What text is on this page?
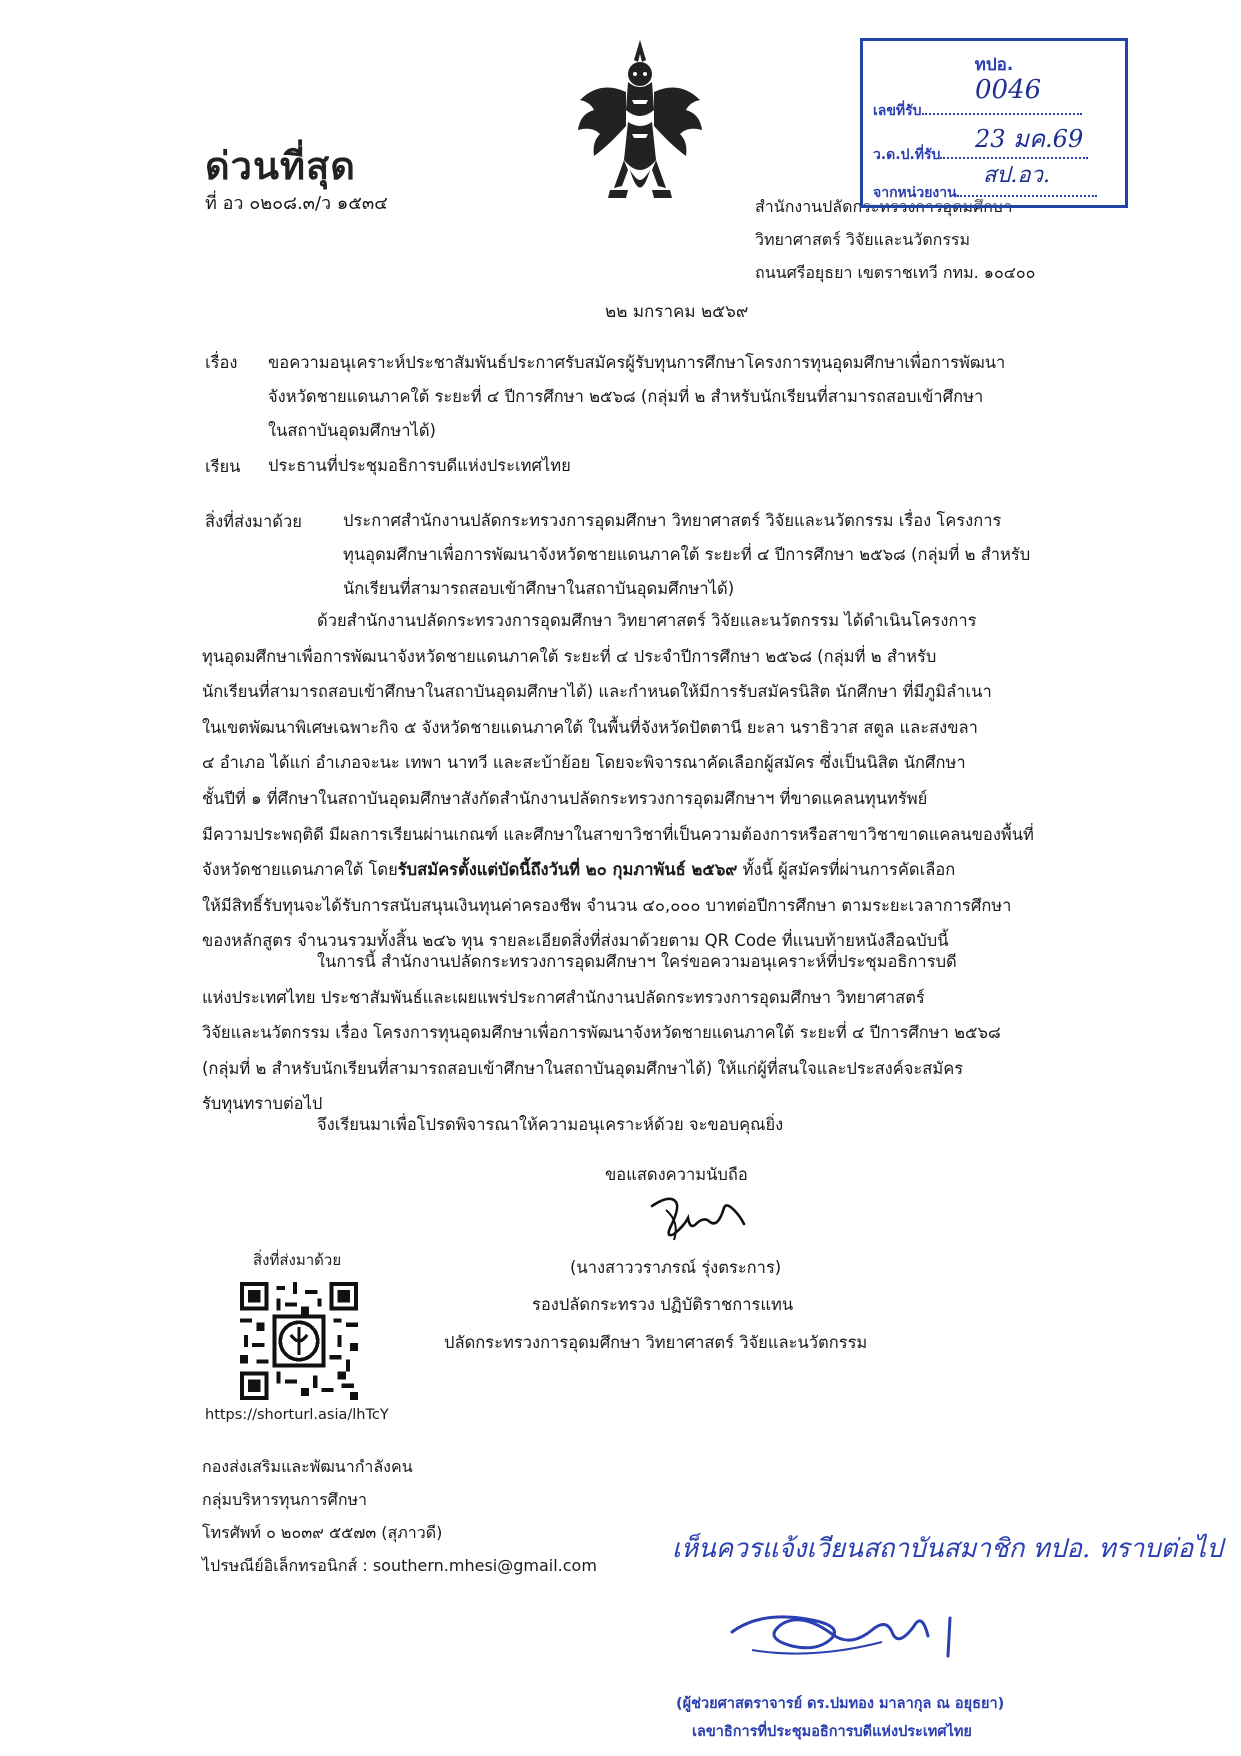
ด่วนที่สุด
ที่ อว ๐๒๐๘.๓/ว ๑๕๓๔	สำนักงานปลัดกระทรวงการอุดมศึกษา
วิทยาศาสตร์ วิจัยและนวัตกรรม
ถนนศรีอยุธยา เขตราชเทวี กทม. ๑๐๔๐๐
๒๒ มกราคม ๒๕๖๙
ทปอ.
เลขที่รับ
0046
ว.ด.ป.ที่รับ
23 มค.69
จากหน่วยงาน
สป.อว.
เรื่อง ขอความอนุเคราะห์ประชาสัมพันธ์ประกาศรับสมัครผู้รับทุนการศึกษาโครงการทุนอุดมศึกษาเพื่อการพัฒนา
จังหวัดชายแดนภาคใต้ ระยะที่ ๔ ปีการศึกษา ๒๕๖๘ (กลุ่มที่ ๒ สำหรับนักเรียนที่สามารถสอบเข้าศึกษา
ในสถาบันอุดมศึกษาได้)
เรียน ประธานที่ประชุมอธิการบดีแห่งประเทศไทย
สิ่งที่ส่งมาด้วย ประกาศสำนักงานปลัดกระทรวงการอุดมศึกษา วิทยาศาสตร์ วิจัยและนวัตกรรม เรื่อง โครงการ
ทุนอุดมศึกษาเพื่อการพัฒนาจังหวัดชายแดนภาคใต้ ระยะที่ ๔ ปีการศึกษา ๒๕๖๘ (กลุ่มที่ ๒ สำหรับ
นักเรียนที่สามารถสอบเข้าศึกษาในสถาบันอุดมศึกษาได้)
ด้วยสำนักงานปลัดกระทรวงการอุดมศึกษา วิทยาศาสตร์ วิจัยและนวัตกรรม ได้ดำเนินโครงการ
ทุนอุดมศึกษาเพื่อการพัฒนาจังหวัดชายแดนภาคใต้ ระยะที่ ๔ ประจำปีการศึกษา ๒๕๖๘ (กลุ่มที่ ๒ สำหรับ
นักเรียนที่สามารถสอบเข้าศึกษาในสถาบันอุดมศึกษาได้) และกำหนดให้มีการรับสมัครนิสิต นักศึกษา ที่มีภูมิลำเนา
ในเขตพัฒนาพิเศษเฉพาะกิจ ๕ จังหวัดชายแดนภาคใต้ ในพื้นที่จังหวัดปัตตานี ยะลา นราธิวาส สตูล และสงขลา
๔ อำเภอ ได้แก่ อำเภอจะนะ เทพา นาทวี และสะบ้าย้อย โดยจะพิจารณาคัดเลือกผู้สมัคร ซึ่งเป็นนิสิต นักศึกษา
ชั้นปีที่ ๑ ที่ศึกษาในสถาบันอุดมศึกษาสังกัดสำนักงานปลัดกระทรวงการอุดมศึกษาฯ ที่ขาดแคลนทุนทรัพย์
มีความประพฤติดี มีผลการเรียนผ่านเกณฑ์ และศึกษาในสาขาวิชาที่เป็นความต้องการหรือสาขาวิชาขาดแคลนของพื้นที่
จังหวัดชายแดนภาคใต้ โดยรับสมัครตั้งแต่บัดนี้ถึงวันที่ ๒๐ กุมภาพันธ์ ๒๕๖๙ ทั้งนี้ ผู้สมัครที่ผ่านการคัดเลือก
ให้มีสิทธิ์รับทุนจะได้รับการสนับสนุนเงินทุนค่าครองชีพ จำนวน ๔๐,๐๐๐ บาทต่อปีการศึกษา ตามระยะเวลาการศึกษา
ของหลักสูตร จำนวนรวมทั้งสิ้น ๒๔๖ ทุน รายละเอียดสิ่งที่ส่งมาด้วยตาม QR Code ที่แนบท้ายหนังสือฉบับนี้
ในการนี้ สำนักงานปลัดกระทรวงการอุดมศึกษาฯ ใคร่ขอความอนุเคราะห์ที่ประชุมอธิการบดี
แห่งประเทศไทย ประชาสัมพันธ์และเผยแพร่ประกาศสำนักงานปลัดกระทรวงการอุดมศึกษา วิทยาศาสตร์
วิจัยและนวัตกรรม เรื่อง โครงการทุนอุดมศึกษาเพื่อการพัฒนาจังหวัดชายแดนภาคใต้ ระยะที่ ๔ ปีการศึกษา ๒๕๖๘
(กลุ่มที่ ๒ สำหรับนักเรียนที่สามารถสอบเข้าศึกษาในสถาบันอุดมศึกษาได้) ให้แก่ผู้ที่สนใจและประสงค์จะสมัคร
รับทุนทราบต่อไป
จึงเรียนมาเพื่อโปรดพิจารณาให้ความอนุเคราะห์ด้วย จะขอบคุณยิ่ง
ขอแสดงความนับถือ
(นางสาววราภรณ์ รุ่งตระการ)
รองปลัดกระทรวง ปฏิบัติราชการแทน
ปลัดกระทรวงการอุดมศึกษา วิทยาศาสตร์ วิจัยและนวัตกรรม
สิ่งที่ส่งมาด้วย
https://shorturl.asia/lhTcY
กองส่งเสริมและพัฒนากำลังคน
กลุ่มบริหารทุนการศึกษา
โทรศัพท์ ๐ ๒๐๓๙ ๕๕๗๓ (สุภาวดี)
ไปรษณีย์อิเล็กทรอนิกส์ : southern.mhesi@gmail.com
เห็นควรแจ้งเวียนสถาบันสมาชิก ทปอ. ทราบต่อไป
(ผู้ช่วยศาสตราจารย์ ดร.ปมทอง มาลากุล ณ อยุธยา)
เลขาธิการที่ประชุมอธิการบดีแห่งประเทศไทย
